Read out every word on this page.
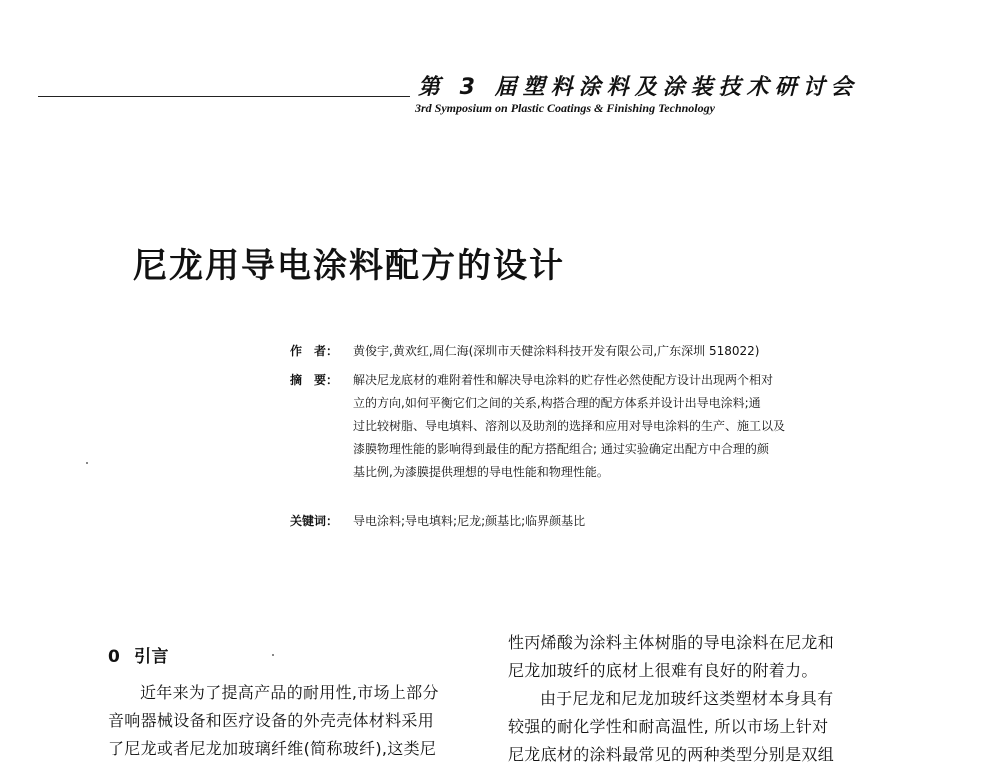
第 3 届塑料涂料及涂装技术研讨会
3rd Symposium on Plastic Coatings & Finishing Technology
尼龙用导电涂料配方的设计
作　者： 黄俊宇,黄欢红,周仁海(深圳市天健涂料科技开发有限公司,广东深圳 518022)
摘　要： 解决尼龙底材的难附着性和解决导电涂料的贮存性必然使配方设计出现两个相对
立的方向,如何平衡它们之间的关系,构搭合理的配方体系并设计出导电涂料;通
过比较树脂、导电填料、溶剂以及助剂的选择和应用对导电涂料的生产、施工以及
漆膜物理性能的影响得到最佳的配方搭配组合; 通过实验确定出配方中合理的颜
基比例,为漆膜提供理想的导电性能和物理性能。
关键词： 导电涂料;导电填料;尼龙;颜基比;临界颜基比
0 引言
近年来为了提高产品的耐用性,市场上部分
音响器械设备和医疗设备的外壳壳体材料采用
了尼龙或者尼龙加玻璃纤维(简称玻纤),这类尼
性丙烯酸为涂料主体树脂的导电涂料在尼龙和
尼龙加玻纤的底材上很难有良好的附着力。
由于尼龙和尼龙加玻纤这类塑材本身具有
较强的耐化学性和耐高温性, 所以市场上针对
尼龙底材的涂料最常见的两种类型分别是双组
